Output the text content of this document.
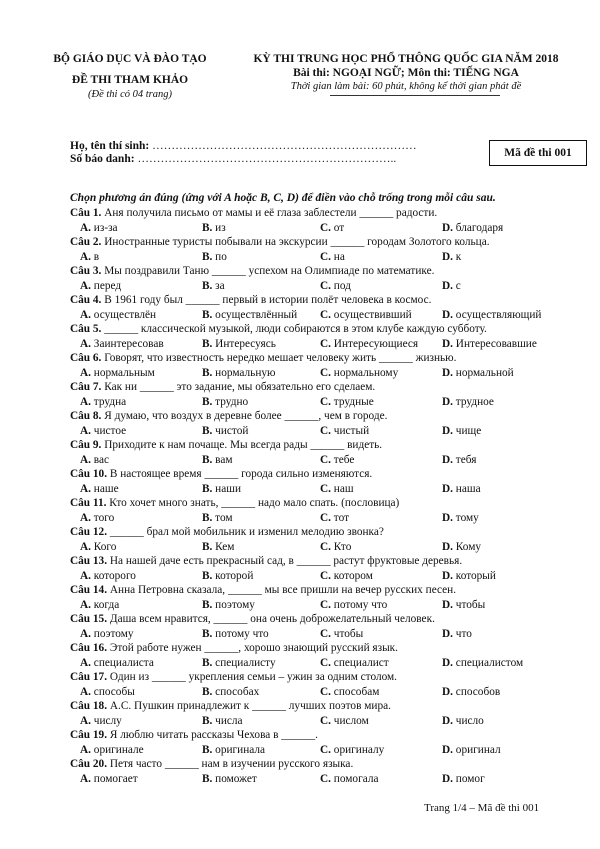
BỘ GIÁO DỤC VÀ ĐÀO TẠO
ĐỀ THI THAM KHẢO
(Đề thi có 04 trang)
KỲ THI TRUNG HỌC PHỔ THÔNG QUỐC GIA NĂM 2018
Bài thi: NGOẠI NGỮ; Môn thi: TIẾNG NGA
Thời gian làm bài: 60 phút, không kể thời gian phát đề
Họ, tên thí sinh: ……………………………………………………………
Số báo danh: …………………………………………………………..	Mã đề thi 001
Chọn phương án đúng (ứng với A hoặc B, C, D) để điền vào chỗ trống trong mỗi câu sau.
Câu 1. Аня получила письмо от мамы и её глаза заблестели ______ радости.
A. из-за	B. из	C. от	D. благодаря
Câu 2. Иностранные туристы побывали на экскурсии ______ городам Золотого кольца.
A. в	B. по	C. на	D. к
Câu 3. Мы поздравили Таню ______ успехом на Олимпиаде по математике.
A. перед	B. за	C. под	D. с
Câu 4. В 1961 году был ______ первый в истории полёт человека в космос.
A. осуществлён	B. осуществлённый C. осуществивший	D. осуществляющий
Câu 5. ______ классической музыкой, люди собираются в этом клубе каждую субботу.
A. Заинтересовав	B. Интересуясь	C. Интересующиеся D. Интересовавшие
Câu 6. Говорят, что известность нередко мешает человеку жить ______ жизнью.
A. нормальным	B. нормальную	C. нормальному	D. нормальной
Câu 7. Как ни ______ это задание, мы обязательно его сделаем.
A. трудна	B. трудно	C. трудные	D. трудное
Câu 8. Я думаю, что воздух в деревне более ______, чем в городе.
A. чистое	B. чистой	C. чистый	D. чище
Câu 9. Приходите к нам почаще. Мы всегда рады ______ видеть.
A. вас	B. вам	C. тебе	D. тебя
Câu 10. В настоящее время ______ города сильно изменяются.
A. наше	B. наши	C. наш	D. наша
Câu 11. Кто хочет много знать, ______ надо мало спать. (пословица)
A. того	B. том	C. тот	D. тому
Câu 12. ______ брал мой мобильник и изменил мелодию звонка?
A. Кого	B. Кем	C. Кто	D. Кому
Câu 13. На нашей даче есть прекрасный сад, в ______ растут фруктовые деревья.
A. которого	B. которой	C. котором	D. который
Câu 14. Анна Петровна сказала, ______ мы все пришли на вечер русских песен.
A. когда	B. поэтому	C. потому что	D. чтобы
Câu 15. Даша всем нравится, ______ она очень доброжелательный человек.
A. поэтому	B. потому что	C. чтобы	D. что
Câu 16. Этой работе нужен ______, хорошо знающий русский язык.
A. специалиста	B. специалисту	C. специалист	D. специалистом
Câu 17. Один из ______ укрепления семьи – ужин за одним столом.
A. способы	B. способах	C. способам	D. способов
Câu 18. А.С. Пушкин принадлежит к ______ лучших поэтов мира.
A. числу	B. числа	C. числом	D. число
Câu 19. Я люблю читать рассказы Чехова в ______.
A. оригинале	B. оригинала	C. оригиналу	D. оригинал
Câu 20. Петя часто ______ нам в изучении русского языка.
A. помогает	B. поможет	C. помогала	D. помог
Trang 1/4 – Mã đề thi 001
